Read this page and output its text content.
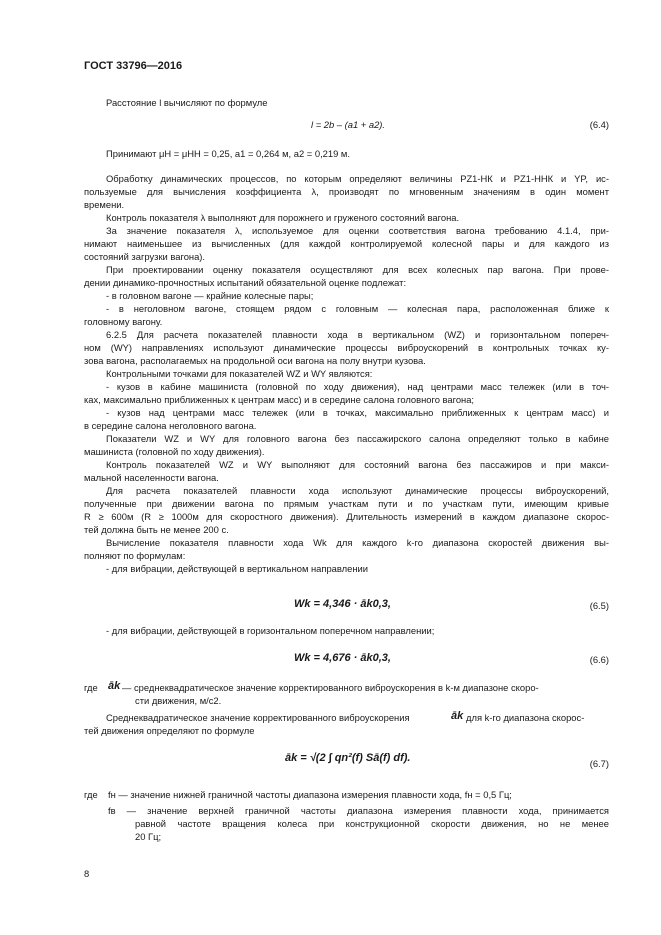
ГОСТ 33796—2016
Расстояние l вычисляют по формуле
l = 2b – (a1 + a2).	(6.4)
Принимают μН = μНН = 0,25, a1 = 0,264 м, a2 = 0,219 м.
Обработку динамических процессов, по которым определяют величины PZ1-НК и PZ1-ННК и YP, ис-
пользуемые для вычисления коэффициента λ, производят по мгновенным значениям в один момент
времени.
Контроль показателя λ выполняют для порожнего и груженого состояний вагона.
За значение показателя λ, используемое для оценки соответствия вагона требованию 4.1.4, при-
нимают наименьшее из вычисленных (для каждой контролируемой колесной пары и для каждого из
состояний загрузки вагона).
При проектировании оценку показателя осуществляют для всех колесных пар вагона. При прове-
дении динамико-прочностных испытаний обязательной оценке подлежат:
- в головном вагоне — крайние колесные пары;
- в неголовном вагоне, стоящем рядом с головным — колесная пара, расположенная ближе к
головному вагону.
6.2.5 Для расчета показателей плавности хода в вертикальном (WZ) и горизонтальном попереч-
ном (WY) направлениях используют динамические процессы виброускорений в контрольных точках ку-
зова вагона, располагаемых на продольной оси вагона на полу внутри кузова.
Контрольными точками для показателей WZ и WY являются:
- кузов в кабине машиниста (головной по ходу движения), над центрами масс тележек (или в точ-
ках, максимально приближенных к центрам масс) и в середине салона головного вагона;
- кузов над центрами масс тележек (или в точках, максимально приближенных к центрам масс) и
в середине салона неголовного вагона.
Показатели WZ и WY для головного вагона без пассажирского салона определяют только в кабине
машиниста (головной по ходу движения).
Контроль показателей WZ и WY выполняют для состояний вагона без пассажиров и при макси-
мальной населенности вагона.
Для расчета показателей плавности хода используют динамические процессы виброускорений,
полученные при движении вагона по прямым участкам пути и по участкам пути, имеющим кривые
R ≥ 600м (R ≥ 1000м для скоростного движения). Длительность измерений в каждом диапазоне скорос-
тей должна быть не менее 200 с.
Вычисление показателя плавности хода Wk для каждого k-го диапазона скоростей движения вы-
полняют по формулам:
- для вибрации, действующей в вертикальном направлении
Wk = 4,346 · āk0,3,	(6.5)
- для вибрации, действующей в горизонтальном поперечном направлении;
Wk = 4,676 · āk0,3,	(6.6)
где āk — среднеквадратическое значение корректированного виброускорения в k-м диапазоне скоро-
сти движения, м/с2.
Среднеквадратическое значение корректированного виброускорения	āk для k-го диапазона скорос-
тей движения определяют по формуле
āk = √(2 ∫ qn²(f) Sā(f) df).	(6.7)
где fн — значение нижней граничной частоты диапазона измерения плавности хода, fн = 0,5 Гц;
fв — значение верхней граничной частоты диапазона измерения плавности хода, принимается
равной частоте вращения колеса при конструкционной скорости движения, но не менее
20 Гц;
8
